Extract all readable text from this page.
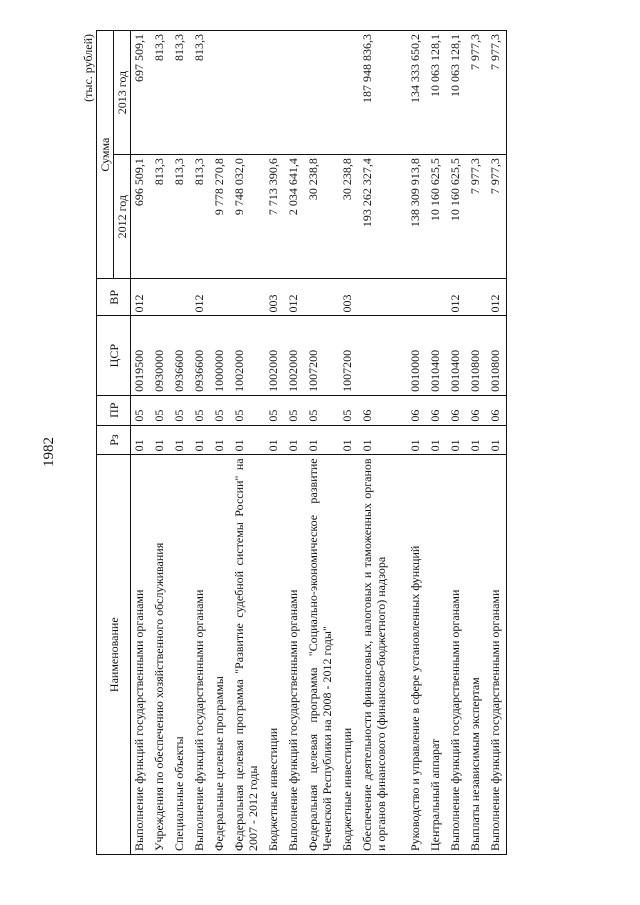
1982
(тыс. рублей)
Наименование	Рз	ПР	ЦСР	ВР	Сумма	
					2012 год	2013 год
Выполнение функций государственными органами	01	05	0019500	012	696 509,1	697 509,1
Учреждения по обеспечению хозяйственного обслуживания	01	05	0930000		813,3	813,3
Специальные объекты	01	05	0936600		813,3	813,3
Выполнение функций государственными органами	01	05	0936600	012	813,3	813,3
Федеральные целевые программы	01	05	1000000		9 778 270,8	
Федеральная целевая программа "Развитие судебной системы России" на 2007 - 2012 годы	01	05	1002000		9 748 032,0	
Бюджетные инвестиции	01	05	1002000	003	7 713 390,6	
Выполнение функций государственными органами	01	05	1002000	012	2 034 641,4	
Федеральная целевая программа "Социально-экономическое развитие Чеченской Республики на 2008 - 2012 годы"	01	05	1007200		30 238,8	
Бюджетные инвестиции	01	05	1007200	003	30 238,8	
Обеспечение деятельности финансовых, налоговых и таможенных органов и органов финансового (финансово-бюджетного) надзора	01	06			193 262 327,4	187 948 836,3
Руководство и управление в сфере установленных функций	01	06	0010000		138 309 913,8	134 333 650,2
Центральный аппарат	01	06	0010400		10 160 625,5	10 063 128,1
Выполнение функций государственными органами	01	06	0010400	012	10 160 625,5	10 063 128,1
Выплаты независимым экспертам	01	06	0010800		7 977,3	7 977,3
Выполнение функций государственными органами	01	06	0010800	012	7 977,3	7 977,3
